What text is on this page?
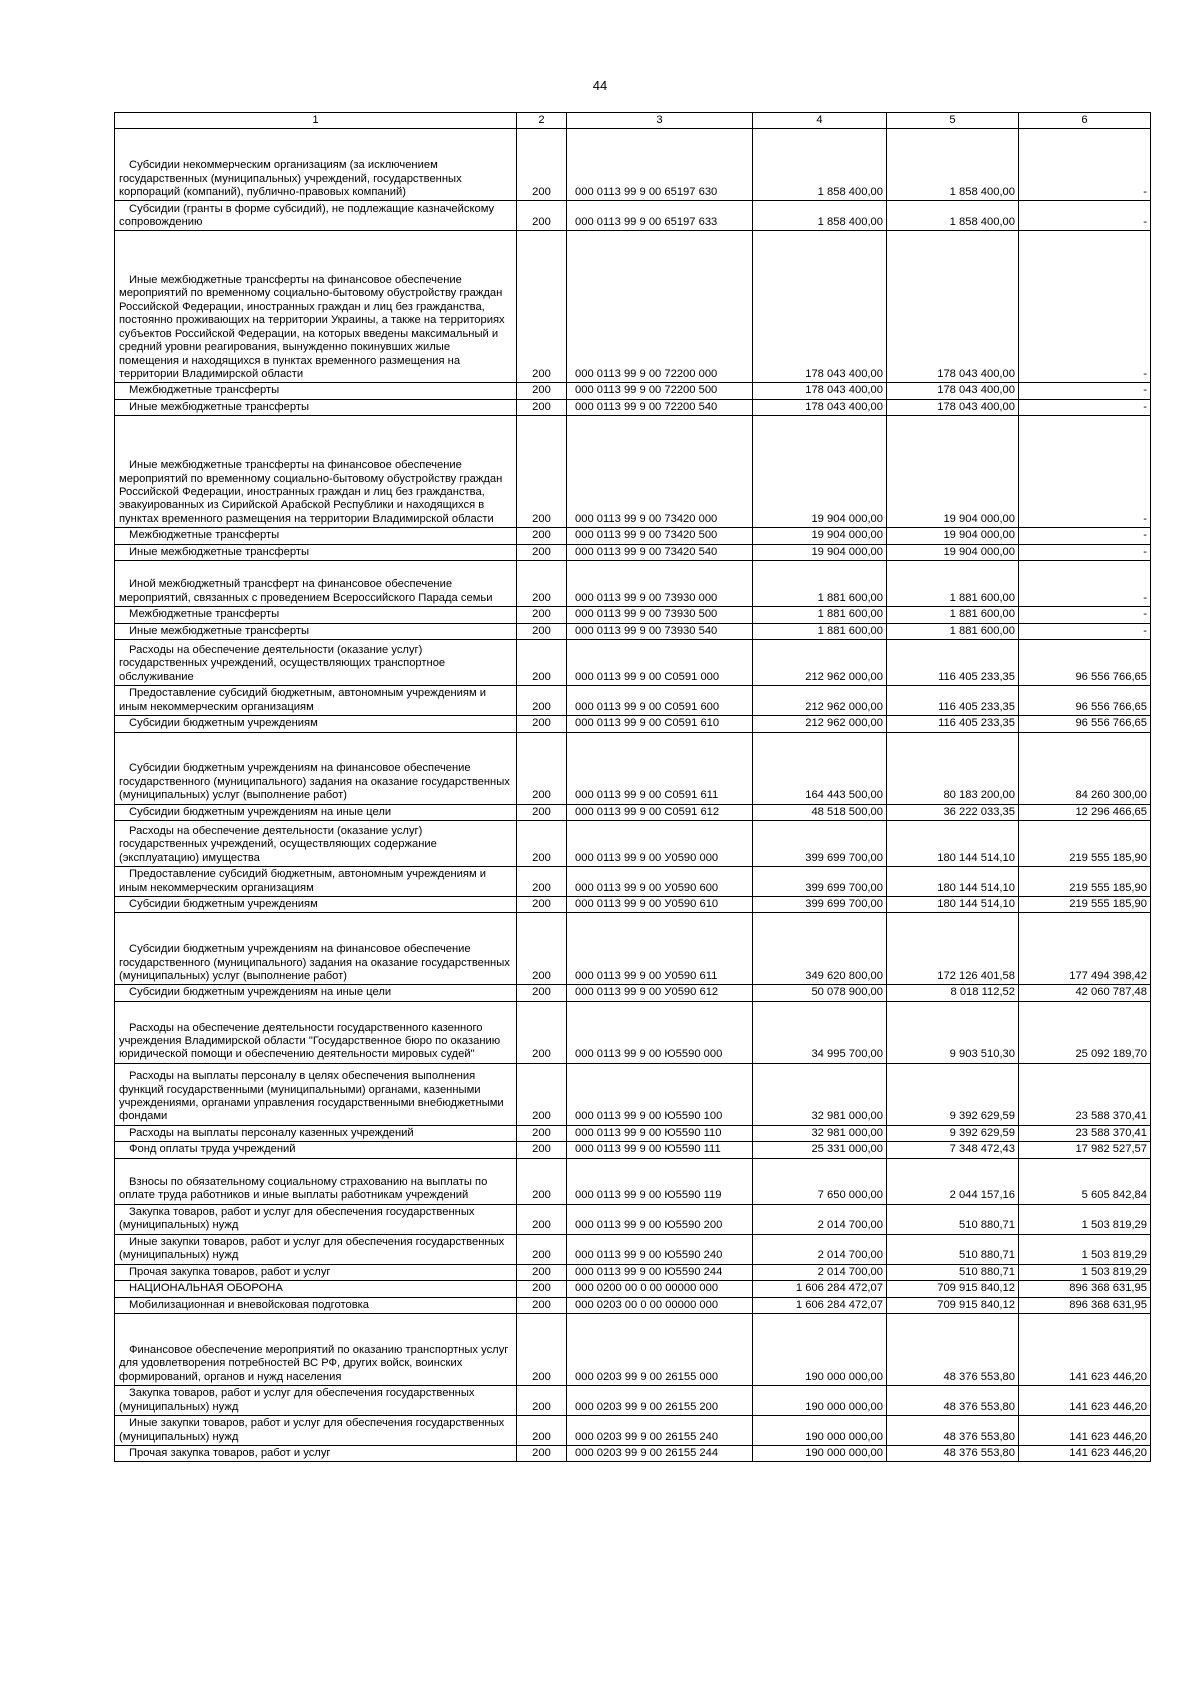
44
1	2	3	4	5	6
Субсидии некоммерческим организациям (за исключением государственных (муниципальных) учреждений, государственных корпораций (компаний), публично-правовых компаний)	200	000 0113 99 9 00 65197 630	1 858 400,00	1 858 400,00	-
Субсидии (гранты в форме субсидий), не подлежащие казначейскому сопровождению	200	000 0113 99 9 00 65197 633	1 858 400,00	1 858 400,00	-
Иные межбюджетные трансферты на финансовое обеспечение мероприятий по временному социально-бытовому обустройству граждан Российской Федерации, иностранных граждан и лиц без гражданства, постоянно проживающих на территории Украины, а также на территориях субъектов Российской Федерации, на которых введены максимальный и средний уровни реагирования, вынужденно покинувших жилые помещения и находящихся в пунктах временного размещения на территории Владимирской области	200	000 0113 99 9 00 72200 000	178 043 400,00	178 043 400,00	-
Межбюджетные трансферты	200	000 0113 99 9 00 72200 500	178 043 400,00	178 043 400,00	-
Иные межбюджетные трансферты	200	000 0113 99 9 00 72200 540	178 043 400,00	178 043 400,00	-
Иные межбюджетные трансферты на финансовое обеспечение мероприятий по временному социально-бытовому обустройству граждан Российской Федерации, иностранных граждан и лиц без гражданства, эвакуированных из Сирийской Арабской Республики и находящихся в пунктах временного размещения на территории Владимирской области	200	000 0113 99 9 00 73420 000	19 904 000,00	19 904 000,00	-
Межбюджетные трансферты	200	000 0113 99 9 00 73420 500	19 904 000,00	19 904 000,00	-
Иные межбюджетные трансферты	200	000 0113 99 9 00 73420 540	19 904 000,00	19 904 000,00	-
Иной межбюджетный трансферт на финансовое обеспечение мероприятий, связанных с проведением Всероссийского Парада семьи	200	000 0113 99 9 00 73930 000	1 881 600,00	1 881 600,00	-
Межбюджетные трансферты	200	000 0113 99 9 00 73930 500	1 881 600,00	1 881 600,00	-
Иные межбюджетные трансферты	200	000 0113 99 9 00 73930 540	1 881 600,00	1 881 600,00	-
Расходы на обеспечение деятельности (оказание услуг) государственных учреждений, осуществляющих транспортное обслуживание	200	000 0113 99 9 00 C0591 000	212 962 000,00	116 405 233,35	96 556 766,65
Предоставление субсидий бюджетным, автономным учреждениям и иным некоммерческим организациям	200	000 0113 99 9 00 C0591 600	212 962 000,00	116 405 233,35	96 556 766,65
Субсидии бюджетным учреждениям	200	000 0113 99 9 00 C0591 610	212 962 000,00	116 405 233,35	96 556 766,65
Субсидии бюджетным учреждениям на финансовое обеспечение государственного (муниципального) задания на оказание государственных (муниципальных) услуг (выполнение работ)	200	000 0113 99 9 00 C0591 611	164 443 500,00	80 183 200,00	84 260 300,00
Субсидии бюджетным учреждениям на иные цели	200	000 0113 99 9 00 C0591 612	48 518 500,00	36 222 033,35	12 296 466,65
Расходы на обеспечение деятельности (оказание услуг) государственных учреждений, осуществляющих содержание (эксплуатацию) имущества	200	000 0113 99 9 00 У0590 000	399 699 700,00	180 144 514,10	219 555 185,90
Предоставление субсидий бюджетным, автономным учреждениям и иным некоммерческим организациям	200	000 0113 99 9 00 У0590 600	399 699 700,00	180 144 514,10	219 555 185,90
Субсидии бюджетным учреждениям	200	000 0113 99 9 00 У0590 610	399 699 700,00	180 144 514,10	219 555 185,90
Субсидии бюджетным учреждениям на финансовое обеспечение государственного (муниципального) задания на оказание государственных (муниципальных) услуг (выполнение работ)	200	000 0113 99 9 00 У0590 611	349 620 800,00	172 126 401,58	177 494 398,42
Субсидии бюджетным учреждениям на иные цели	200	000 0113 99 9 00 У0590 612	50 078 900,00	8 018 112,52	42 060 787,48
Расходы на обеспечение деятельности государственного казенного учреждения Владимирской области "Государственное бюро по оказанию юридической помощи и обеспечению деятельности мировых судей"	200	000 0113 99 9 00 Ю5590 000	34 995 700,00	9 903 510,30	25 092 189,70
Расходы на выплаты персоналу в целях обеспечения выполнения функций государственными (муниципальными) органами, казенными учреждениями, органами управления государственными внебюджетными фондами	200	000 0113 99 9 00 Ю5590 100	32 981 000,00	9 392 629,59	23 588 370,41
Расходы на выплаты персоналу казенных учреждений	200	000 0113 99 9 00 Ю5590 110	32 981 000,00	9 392 629,59	23 588 370,41
Фонд оплаты труда учреждений	200	000 0113 99 9 00 Ю5590 111	25 331 000,00	7 348 472,43	17 982 527,57
Взносы по обязательному социальному страхованию на выплаты по оплате труда работников и иные выплаты работникам учреждений	200	000 0113 99 9 00 Ю5590 119	7 650 000,00	2 044 157,16	5 605 842,84
Закупка товаров, работ и услуг для обеспечения государственных (муниципальных) нужд	200	000 0113 99 9 00 Ю5590 200	2 014 700,00	510 880,71	1 503 819,29
Иные закупки товаров, работ и услуг для обеспечения государственных (муниципальных) нужд	200	000 0113 99 9 00 Ю5590 240	2 014 700,00	510 880,71	1 503 819,29
Прочая закупка товаров, работ и услуг	200	000 0113 99 9 00 Ю5590 244	2 014 700,00	510 880,71	1 503 819,29
НАЦИОНАЛЬНАЯ ОБОРОНА	200	000 0200 00 0 00 00000 000	1 606 284 472,07	709 915 840,12	896 368 631,95
Мобилизационная и вневойсковая подготовка	200	000 0203 00 0 00 00000 000	1 606 284 472,07	709 915 840,12	896 368 631,95
Финансовое обеспечение мероприятий по оказанию транспортных услуг для удовлетворения потребностей ВС РФ, других войск, воинских формирований, органов и нужд населения	200	000 0203 99 9 00 26155 000	190 000 000,00	48 376 553,80	141 623 446,20
Закупка товаров, работ и услуг для обеспечения государственных (муниципальных) нужд	200	000 0203 99 9 00 26155 200	190 000 000,00	48 376 553,80	141 623 446,20
Иные закупки товаров, работ и услуг для обеспечения государственных (муниципальных) нужд	200	000 0203 99 9 00 26155 240	190 000 000,00	48 376 553,80	141 623 446,20
Прочая закупка товаров, работ и услуг	200	000 0203 99 9 00 26155 244	190 000 000,00	48 376 553,80	141 623 446,20
